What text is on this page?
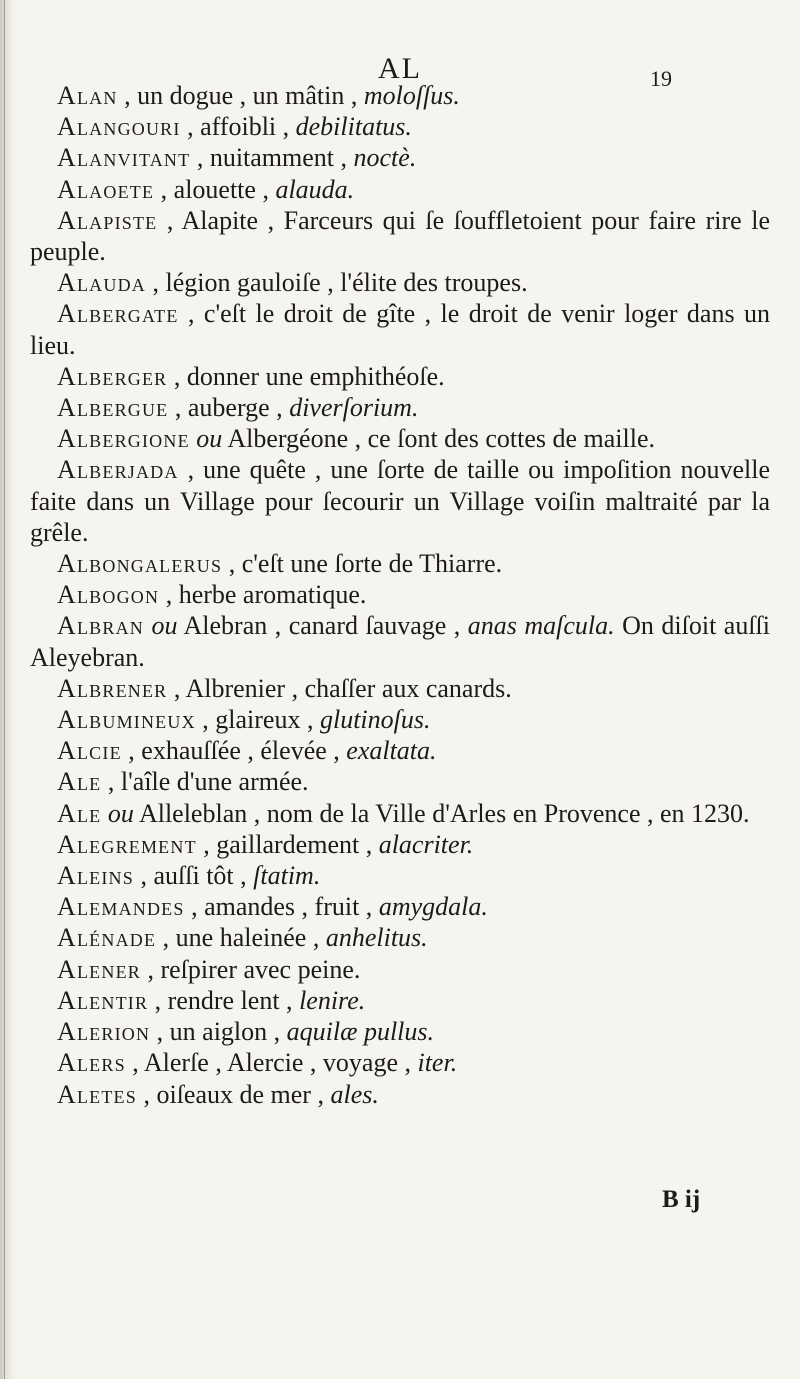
AL	19

Alan , un dogue , un mâtin , moloſſus.

Alangouri , affoibli , debilitatus.

Alanvitant , nuitamment , noctè.

Alaoete , alouette , alauda.

Alapiste , Alapite , Farceurs qui ſe ſouffletoient pour faire rire le peuple.

Alauda , légion gauloiſe , l'élite des troupes.

Albergate , c'eſt le droit de gîte , le droit de venir loger dans un lieu.

Alberger , donner une emphithéoſe.

Albergue , auberge , diverſorium.

Albergione ou Albergéone , ce ſont des cottes de maille.

Alberjada , une quête , une ſorte de taille ou impoſition nouvelle faite dans un Village pour ſecourir un Village voiſin maltraité par la grêle.

Albongalerus , c'eſt une ſorte de Thiarre.

Albogon , herbe aromatique.

Albran ou Alebran , canard ſauvage , anas maſcula. On diſoit auſſi Aleyebran.

Albrener , Albrenier , chaſſer aux canards.

Albumineux , glaireux , glutinoſus.

Alcie , exhauſſée , élevée , exaltata.

Ale , l'aîle d'une armée.

Ale ou Alleleblan , nom de la Ville d'Arles en Provence , en 1230.

Alegrement , gaillardement , alacriter.

Aleins , auſſi tôt , ſtatim.

Alemandes , amandes , fruit , amygdala.

Alénade , une haleinée , anhelitus.

Alener , reſpirer avec peine.

Alentir , rendre lent , lenire.

Alerion , un aiglon , aquilæ pullus.

Alers , Alerſe , Alercie , voyage , iter.

Aletes , oiſeaux de mer , ales.

B ij
